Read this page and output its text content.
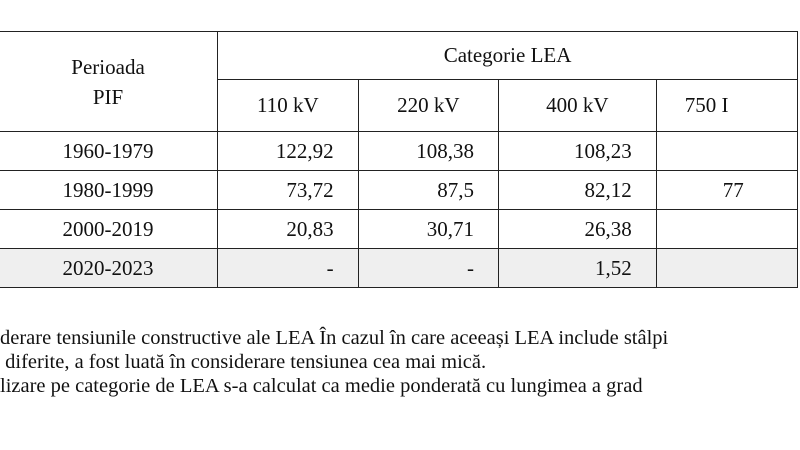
Perioada
PIF	Categorie LEA			
	110 kV	220 kV	400 kV	750 I
1960-1979	122,92	108,38	108,23	
1980-1999	73,72	87,5	82,12	77
2000-2019	20,83	30,71	26,38	
2020-2023	-	-	1,52	
derare tensiunile constructive ale LEA În cazul în care aceeași LEA include stâlpi
diferite, a fost luată în considerare tensiunea cea mai mică.
lizare pe categorie de LEA s-a calculat ca medie ponderată cu lungimea a grad
